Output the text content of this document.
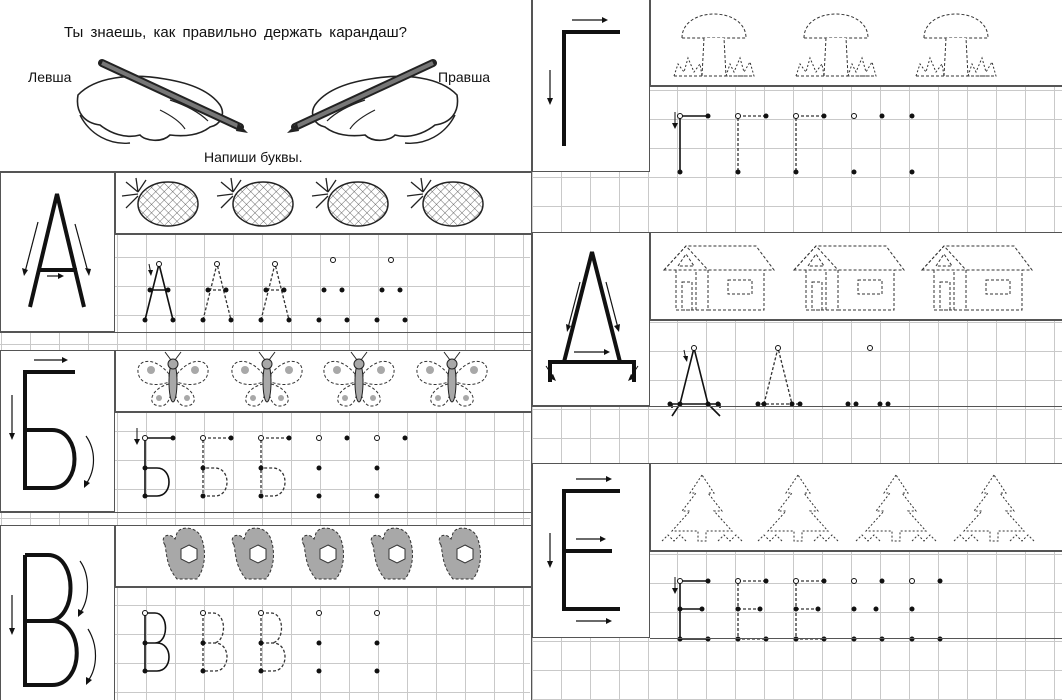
Ты знаешь, как правильно держать карандаш?
Левша	Правша
Напиши буквы.
